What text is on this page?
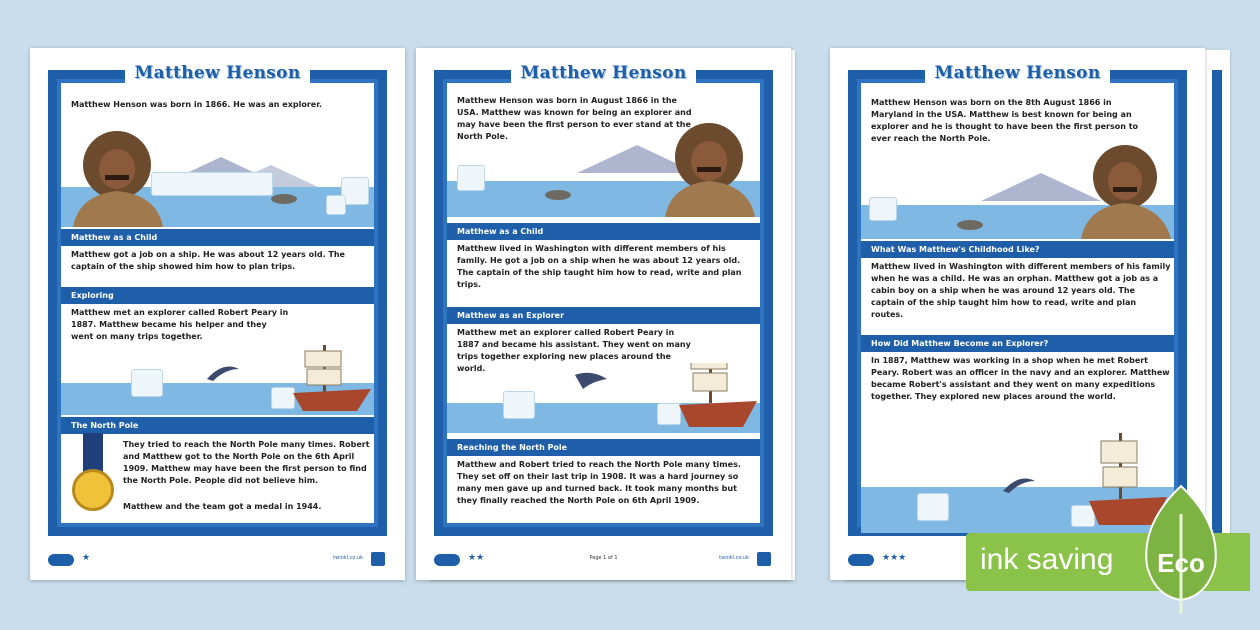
Matthew Henson
Matthew Henson was born in 1866. He was an explorer.
Matthew as a Child
Matthew got a job on a ship. He was about 12 years old. The captain of the ship showed him how to plan trips.
Exploring
Matthew met an explorer called Robert Peary in 1887. Matthew became his helper and they went on many trips together.
The North Pole
They tried to reach the North Pole many times. Robert and Matthew got to the North Pole on the 6th April 1909. Matthew may have been the first person to find the North Pole. People did not believe him.
Matthew and the team got a medal in 1944.
★	twinkl.co.uk
Matthew Henson
Matthew Henson was born in August 1866 in the USA. Matthew was known for being an explorer and may have been the first person to ever stand at the North Pole.
Matthew as a Child
Matthew lived in Washington with different members of his family. He got a job on a ship when he was about 12 years old. The captain of the ship taught him how to read, write and plan trips.
Matthew as an Explorer
Matthew met an explorer called Robert Peary in 1887 and became his assistant. They went on many trips together exploring new places around the world.
Reaching the North Pole
Matthew and Robert tried to reach the North Pole many times. They set off on their last trip in 1908. It was a hard journey so many men gave up and turned back. It took many months but they finally reached the North Pole on 6th April 1909.
★★	Page 1 of 1	twinkl.co.uk
Matthew Henson
Matthew Henson was born on the 8th August 1866 in Maryland in the USA. Matthew is best known for being an explorer and he is thought to have been the first person to ever reach the North Pole.
What Was Matthew's Childhood Like?
Matthew lived in Washington with different members of his family when he was a child. He was an orphan. Matthew got a job as a cabin boy on a ship when he was around 12 years old. The captain of the ship taught him how to read, write and plan routes.
How Did Matthew Become an Explorer?
In 1887, Matthew was working in a shop when he met Robert Peary. Robert was an officer in the navy and an explorer. Matthew became Robert's assistant and they went on many expeditions together. They explored new places around the world.
★★★ ink saving Eco
